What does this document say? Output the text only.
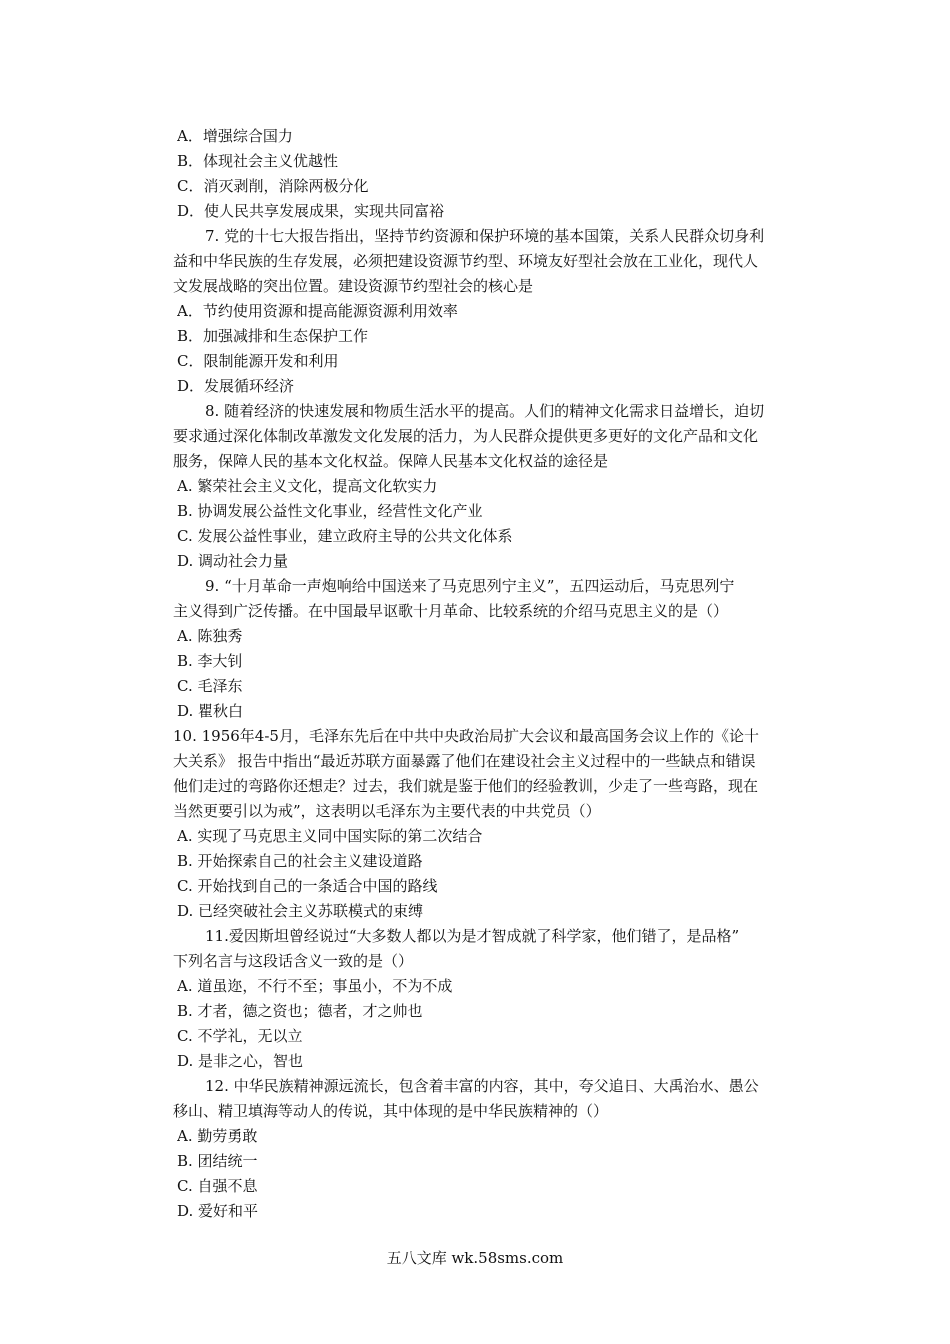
A．增强综合国力
B．体现社会主义优越性
C．消灭剥削，消除两极分化
D．使人民共享发展成果，实现共同富裕
7. 党的十七大报告指出，坚持节约资源和保护环境的基本国策，关系人民群众切身利
益和中华民族的生存发展，必须把建设资源节约型、环境友好型社会放在工业化，现代人
文发展战略的突出位置。建设资源节约型社会的核心是
A．节约使用资源和提高能源资源利用效率
B．加强减排和生态保护工作
C．限制能源开发和利用
D．发展循环经济
8. 随着经济的快速发展和物质生活水平的提高。人们的精神文化需求日益增长，迫切
要求通过深化体制改革激发文化发展的活力，为人民群众提供更多更好的文化产品和文化
服务，保障人民的基本文化权益。保障人民基本文化权益的途径是
A. 繁荣社会主义文化，提高文化软实力
B. 协调发展公益性文化事业，经营性文化产业
C. 发展公益性事业，建立政府主导的公共文化体系
D. 调动社会力量
9. “十月革命一声炮响给中国送来了马克思列宁主义”，五四运动后，马克思列宁
主义得到广泛传播。在中国最早讴歌十月革命、比较系统的介绍马克思主义的是（）
A. 陈独秀
B. 李大钊
C. 毛泽东
D. 瞿秋白
10. 1956年4-5月，毛泽东先后在中共中央政治局扩大会议和最高国务会议上作的《论十
大关系》 报告中指出“最近苏联方面暴露了他们在建设社会主义过程中的一些缺点和错误
他们走过的弯路你还想走？过去，我们就是鉴于他们的经验教训，少走了一些弯路，现在
当然更要引以为戒”，这表明以毛泽东为主要代表的中共党员（）
A. 实现了马克思主义同中国实际的第二次结合
B. 开始探索自己的社会主义建设道路
C. 开始找到自己的一条适合中国的路线
D. 已经突破社会主义苏联模式的束缚
11.爱因斯坦曾经说过“大多数人都以为是才智成就了科学家，他们错了，是品格”
下列名言与这段话含义一致的是（）
A. 道虽迩，不行不至；事虽小，不为不成
B. 才者，德之资也；德者，才之帅也
C. 不学礼，无以立
D. 是非之心，智也
12. 中华民族精神源远流长，包含着丰富的内容，其中，夸父追日、大禹治水、愚公
移山、精卫填海等动人的传说，其中体现的是中华民族精神的（）
A. 勤劳勇敢
B. 团结统一
C. 自强不息
D. 爱好和平
五八文库 wk.58sms.com
